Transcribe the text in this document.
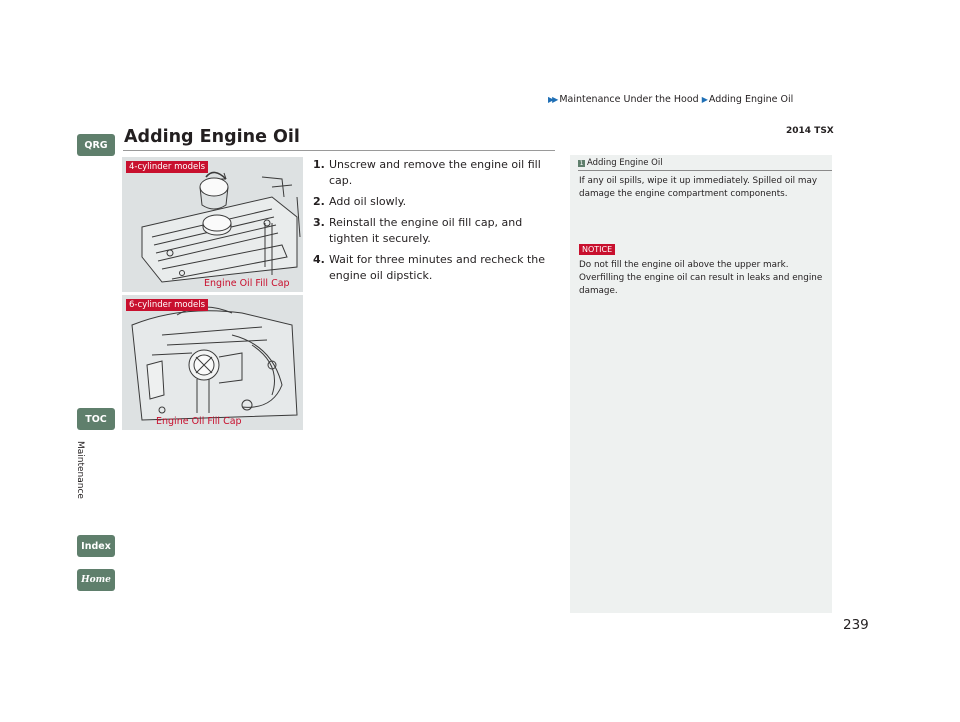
▶▶ Maintenance Under the Hood ▶ Adding Engine Oil
2014 TSX
QRG
TOC
Maintenance
Index
Home
Adding Engine Oil
4-cylinder models
Engine Oil Fill Cap
6-cylinder models
Engine Oil Fill Cap
1. Unscrew and remove the engine oil fill cap.
2. Add oil slowly.
3. Reinstall the engine oil fill cap, and tighten it securely.
4. Wait for three minutes and recheck the engine oil dipstick.
1 Adding Engine Oil
If any oil spills, wipe it up immediately. Spilled oil may damage the engine compartment components.
NOTICE
Do not fill the engine oil above the upper mark. Overfilling the engine oil can result in leaks and engine damage.
239
